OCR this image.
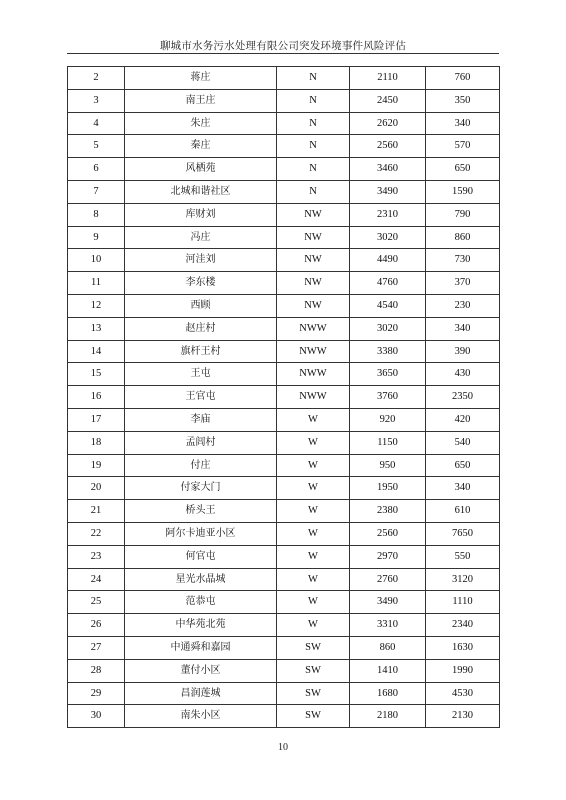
聊城市水务污水处理有限公司突发环境事件风险评估
2	蒋庄	N	2110	760
3	南王庄	N	2450	350
4	朱庄	N	2620	340
5	秦庄	N	2560	570
6	风栖苑	N	3460	650
7	北城和谐社区	N	3490	1590
8	库财刘	NW	2310	790
9	冯庄	NW	3020	860
10	河洼刘	NW	4490	730
11	李东楼	NW	4760	370
12	西顾	NW	4540	230
13	赵庄村	NWW	3020	340
14	旗杆王村	NWW	3380	390
15	王屯	NWW	3650	430
16	王官屯	NWW	3760	2350
17	李庙	W	920	420
18	孟闾村	W	1150	540
19	付庄	W	950	650
20	付家大门	W	1950	340
21	桥头王	W	2380	610
22	阿尔卡迪亚小区	W	2560	7650
23	何官屯	W	2970	550
24	星光水晶城	W	2760	3120
25	范恭屯	W	3490	1110
26	中华苑北苑	W	3310	2340
27	中通舜和嘉园	SW	860	1630
28	董付小区	SW	1410	1990
29	昌润莲城	SW	1680	4530
30	南朱小区	SW	2180	2130
10
